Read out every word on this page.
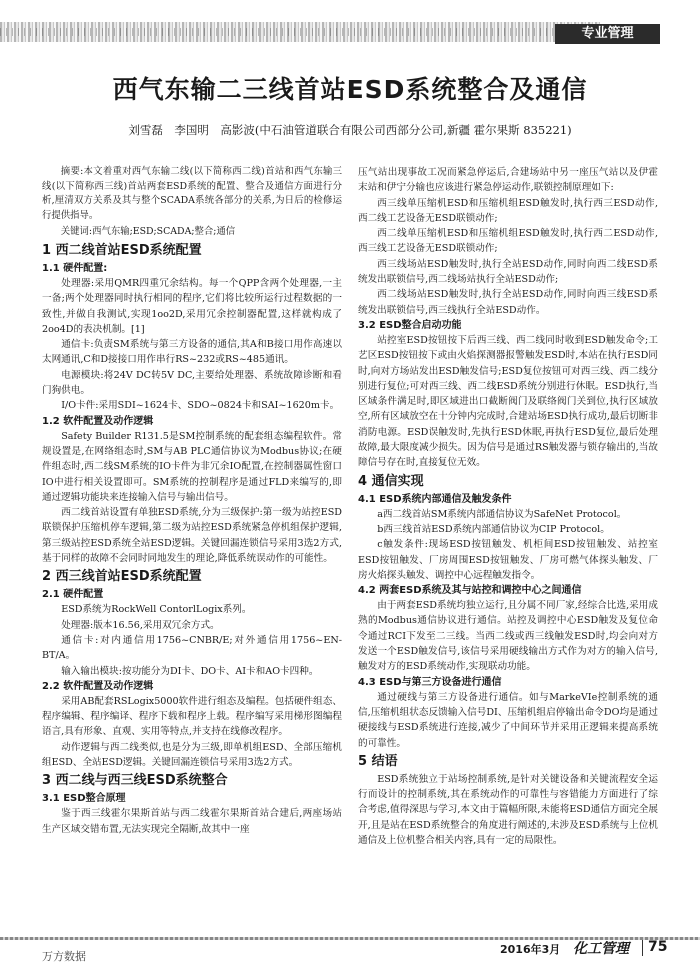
专业管理
西气东输二三线首站ESD系统整合及通信
刘雪磊　李国明　高影波(中石油管道联合有限公司西部分公司,新疆 霍尔果斯 835221)

摘要:本文着重对西气东输二线(以下简称西二线)首站和西气东输三线(以下简称西三线)首站两套ESD系统的配置、整合及通信方面进行分析,厘清双方关系及其与整个SCADA系统各部分的关系,为日后的检修运行提供指导。

关键词:西气东输;ESD;SCADA;整合;通信

1 西二线首站ESD系统配置

1.1 硬件配置:

处理器:采用QMR四重冗余结构。每一个QPP含两个处理器,一主一备;两个处理器同时执行相同的程序,它们将比较所运行过程数据的一致性,并做自我测试,实现1oo2D,采用冗余控制器配置,这样就构成了2oo4D的表决机制。[1]

通信卡:负责SM系统与第三方设备的通信,其A和B接口用作高速以太网通讯,C和D接接口用作串行RS~232或RS~485通讯。

电源模块:将24V DC转5V DC,主要给处理器、系统故障诊断和看门狗供电。

I/O卡件:采用SDI~1624卡、SDO~0824卡和SAI~1620m卡。

1.2 软件配置及动作逻辑

Safety Builder R131.5是SM控制系统的配套组态编程软件。常规设置是,在网络组态时,SM与AB PLC通信协议为Modbus协议;在硬件组态时,西二线SM系统的IO卡件为非冗余IO配置,在控制器属性窗口IO中进行相关设置即可。SM系统的控制程序是通过FLD来编写的,即通过逻辑功能块来连接输入信号与输出信号。

西二线首站设置有单独ESD系统,分为三级保护:第一级为站控ESD联锁保护压缩机停车逻辑,第二级为站控ESD系统紧急停机组保护逻辑,第三级站控ESD系统全站ESD逻辑。关键回漏连锁信号采用3选2方式,基于同样的故障不会同时同地发生的理论,降低系统误动作的可能性。

2 西三线首站ESD系统配置

2.1 硬件配置

ESD系统为RockWell ContorlLogix系列。

处理器:版本16.56,采用双冗余方式。

通信卡:对内通信用1756~CNBR/E;对外通信用1756~EN-BT/A。

输入输出模块:按功能分为DI卡、DO卡、AI卡和AO卡四种。

2.2 软件配置及动作逻辑

采用AB配套RSLogix5000软件进行组态及编程。包括硬件组态、程序编辑、程序编译、程序下载和程序上载。程序编写采用梯形图编程语言,具有形象、直观、实用等特点,并支持在线修改程序。

动作逻辑与西二线类似,也是分为三级,即单机组ESD、全部压缩机组ESD、全站ESD逻辑。关键回漏连锁信号采用3选2方式。

3 西二线与西三线ESD系统整合

3.1 ESD整合原理

鉴于西三线霍尔果斯首站与西二线霍尔果斯首站合建后,两座场站生产区域交错布置,无法实现完全隔断,故其中一座

压气站出现事故工况而紧急停运后,合建场站中另一座压气站以及伊霍末站和伊宁分输也应该进行紧急停运动作,联锁控制原理如下:

西三线单压缩机ESD和压缩机组ESD触发时,执行西三ESD动作,西二线工艺设备无ESD联锁动作;

西二线单压缩机ESD和压缩机组ESD触发时,执行西二ESD动作,西三线工艺设备无ESD联锁动作;

西三线场站ESD触发时,执行全站ESD动作,同时向西二线ESD系统发出联锁信号,西二线场站执行全站ESD动作;

西二线场站ESD触发时,执行全站ESD动作,同时向西三线ESD系统发出联锁信号,西三线执行全站ESD动作。

3.2 ESD整合启动功能

站控室ESD按钮按下后西三线、西二线同时收到ESD触发命令;工艺区ESD按钮按下或由火焰探测器报警触发ESD时,本站在执行ESD同时,向对方场站发出ESD触发信号;ESD复位按钮可对西三线、西二线分别进行复位;可对西三线、西二线ESD系统分别进行休眠。ESD执行,当区域条件满足时,即区域进出口截断阀门及联络阀门关到位,执行区域放空,所有区域放空在十分钟内完成时,合建站场ESD执行成功,最后切断非消防电源。ESD误触发时,先执行ESD休眠,再执行ESD复位,最后处理故障,最大限度减少损失。因为信号是通过RS触发器与锁存输出的,当故障信号存在时,直接复位无效。

4 通信实现

4.1 ESD系统内部通信及触发条件

a西二线首站SM系统内部通信协议为SafeNet Protocol。

b西三线首站ESD系统内部通信协议为CIP Protocol。

c触发条件:现场ESD按钮触发、机柜间ESD按钮触发、站控室ESD按钮触发、厂房周围ESD按钮触发、厂房可燃气体探头触发、厂房火焰探头触发、调控中心远程触发指令。

4.2 两套ESD系统及其与站控和调控中心之间通信

由于两套ESD系统均独立运行,且分属不同厂家,经综合比选,采用成熟的Modbus通信协议进行通信。站控及调控中心ESD触发及复位命令通过RCI下发至二三线。当西二线或西三线触发ESD时,均会向对方发送一个ESD触发信号,该信号采用硬线输出方式作为对方的输入信号,触发对方的ESD系统动作,实现联动功能。

4.3 ESD与第三方设备进行通信

通过硬线与第三方设备进行通信。如与MarkeVIe控制系统的通信,压缩机组状态反馈输入信号DI、压缩机组启停输出命令DO均是通过硬接线与ESD系统进行连接,减少了中间环节并采用正逻辑来提高系统的可靠性。

5 结语

ESD系统独立于站场控制系统,是针对关键设备和关键流程安全运行而设计的控制系统,其在系统动作的可靠性与容错能力方面进行了综合考虑,值得深思与学习,本文由于篇幅所限,未能将ESD通信方面完全展开,且是站在ESD系统整合的角度进行阐述的,未涉及ESD系统与上位机通信及上位机整合相关内容,具有一定的局限性。

万方数据
2016年3月 化工管理 75
